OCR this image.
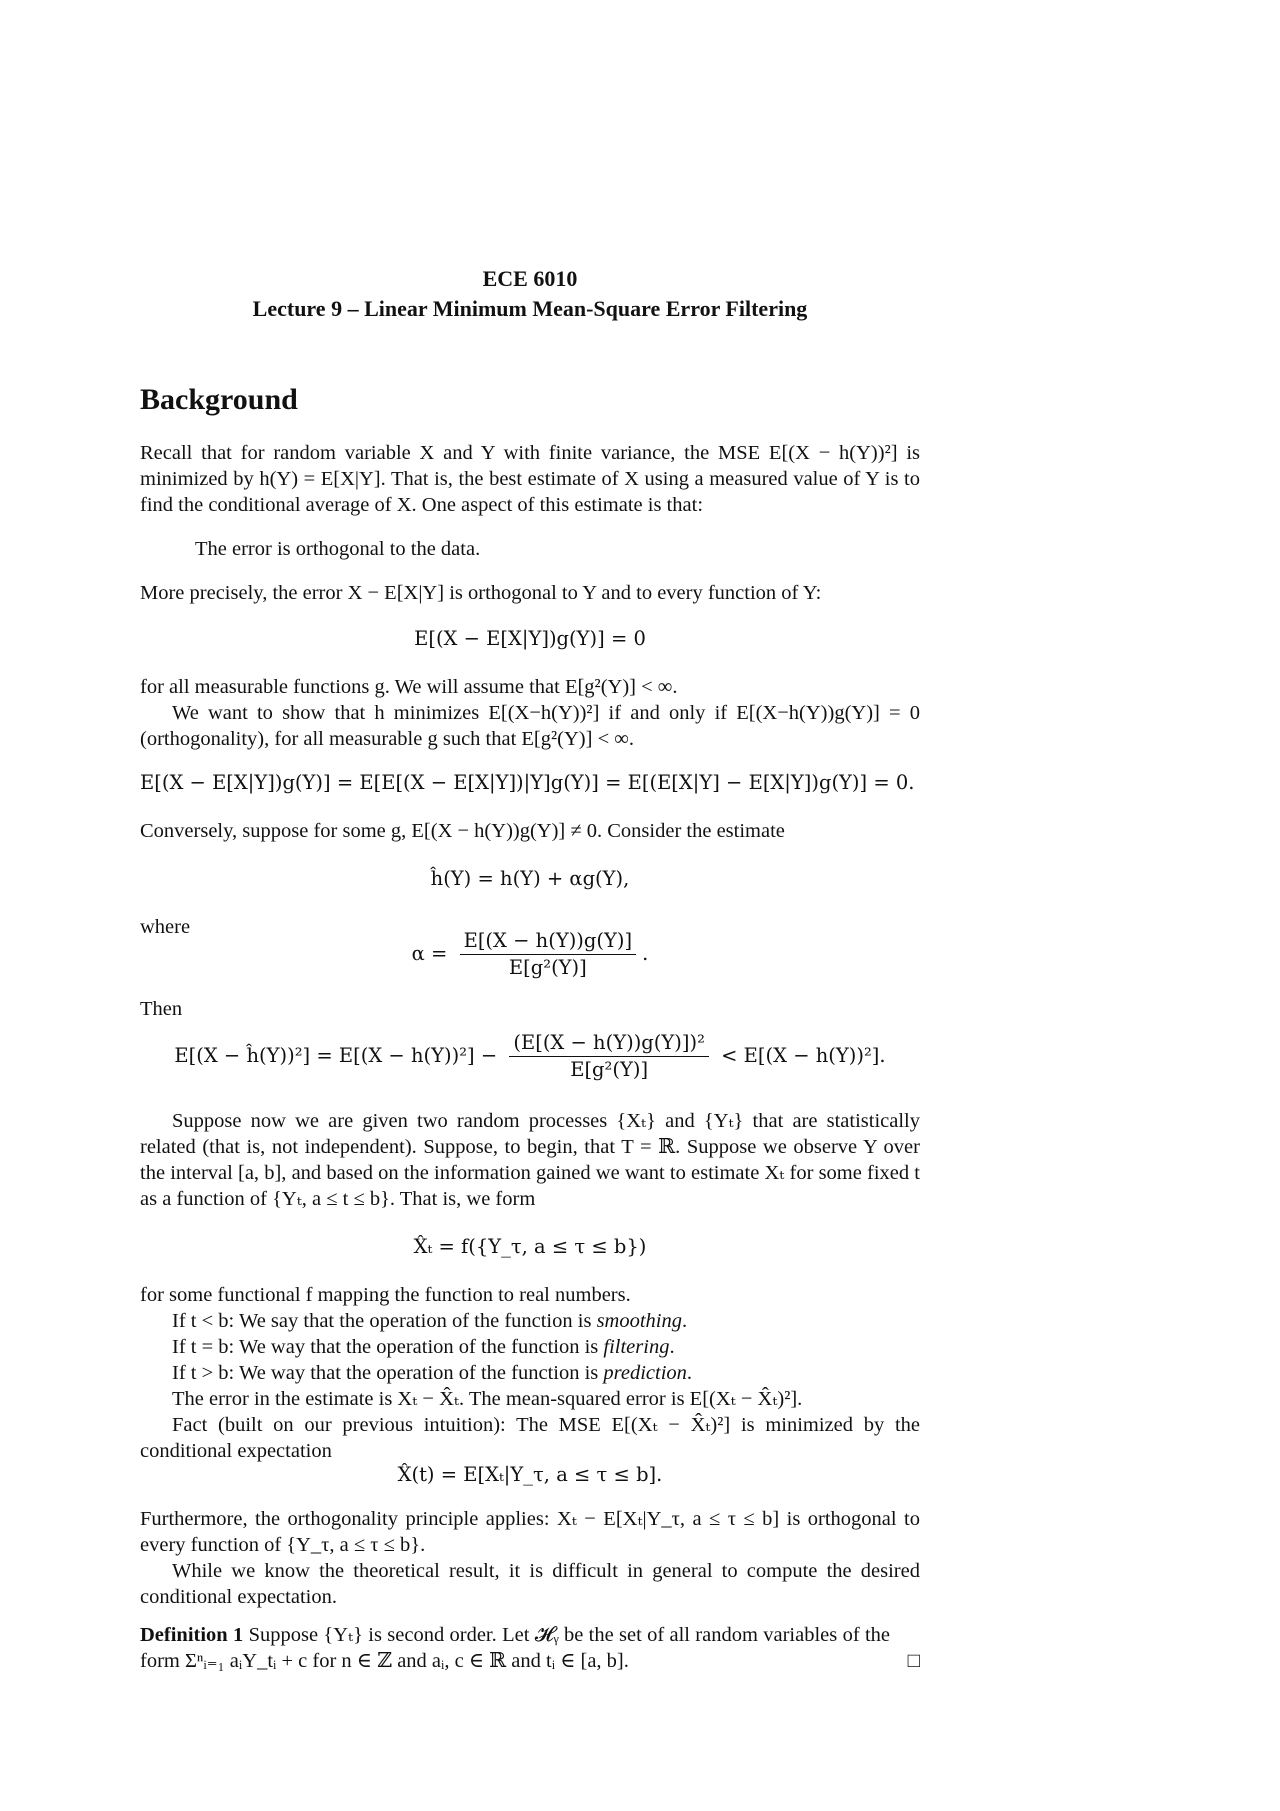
ECE 6010
Lecture 9 – Linear Minimum Mean-Square Error Filtering
Background

Recall that for random variable X and Y with finite variance, the MSE E[(X − h(Y))²] is minimized by h(Y) = E[X|Y]. That is, the best estimate of X using a measured value of Y is to find the conditional average of X. One aspect of this estimate is that:

The error is orthogonal to the data.

More precisely, the error X − E[X|Y] is orthogonal to Y and to every function of Y:

E[(X − E[X|Y])g(Y)] = 0

for all measurable functions g. We will assume that E[g²(Y)] < ∞.

We want to show that h minimizes E[(X−h(Y))²] if and only if E[(X−h(Y))g(Y)] = 0 (orthogonality), for all measurable g such that E[g²(Y)] < ∞.

E[(X − E[X|Y])g(Y)] = E[E[(X − E[X|Y])|Y]g(Y)] = E[(E[X|Y] − E[X|Y])g(Y)] = 0.

Conversely, suppose for some g, E[(X − h(Y))g(Y)] ≠ 0. Consider the estimate

ĥ(Y) = h(Y) + αg(Y),

where

$\alpha = \frac{E[(X - h(Y))g(Y)]}{\text{E[g²(Y)]}}$ .

Then

E[(X − ĥ(Y))²] = $E[(X - h(Y))^2] - \frac{\text{(E[(X − h(Y))g(Y)])²}}{\text{E[g²(Y)]}} < E[(X - h(Y))^2]$.

Suppose now we are given two random processes {Xₜ} and {Yₜ} that are statistically related (that is, not independent). Suppose, to begin, that T = ℝ. Suppose we observe Y over the interval [a, b], and based on the information gained we want to estimate Xₜ for some fixed t as a function of {Yₜ, a ≤ t ≤ b}. That is, we form

X̂ₜ = f({Y_τ, a ≤ τ ≤ b})

for some functional f mapping the function to real numbers.

If t < b: We say that the operation of the function is smoothing.

If t = b: We way that the operation of the function is filtering.

If t > b: We way that the operation of the function is prediction.

The error in the estimate is Xₜ − X̂ₜ. The mean-squared error is E[(Xₜ − X̂ₜ)²].

Fact (built on our previous intuition): The MSE E[(Xₜ − X̂ₜ)²] is minimized by the conditional expectation

X̂(t) = E[Xₜ|Y_τ, a ≤ τ ≤ b].

Furthermore, the orthogonality principle applies: Xₜ − E[Xₜ|Y_τ, a ≤ τ ≤ b] is orthogonal to every function of {Y_τ, a ≤ τ ≤ b}.

While we know the theoretical result, it is difficult in general to compute the desired conditional expectation.

Definition 1 Suppose {Yₜ} is second order. Let 𝓗ᵧ be the set of all random variables of the form Σⁿᵢ₌₁ aᵢY_tᵢ + c for n ∈ ℤ and aᵢ, c ∈ ℝ and tᵢ ∈ [a, b].	□
